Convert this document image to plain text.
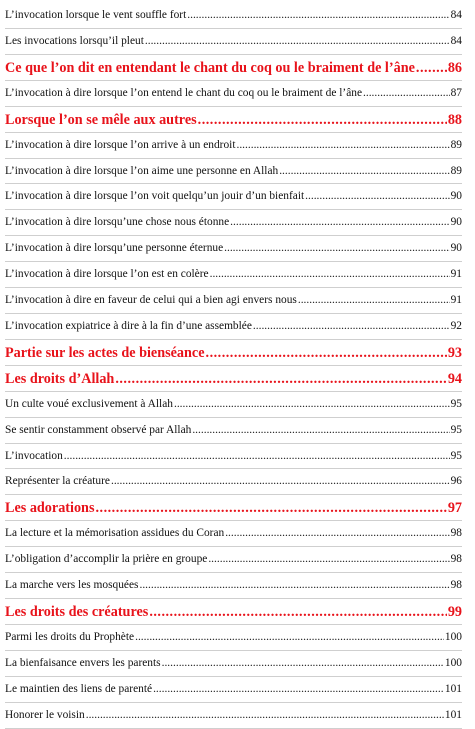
L’invocation lorsque le vent souffle fort .....	84
Les invocations lorsqu’il pleut .....	84
Ce que l’on dit en entendant le chant du coq ou le braiment de l’âne ..... 86
L’invocation à dire lorsque l’on entend le chant du coq ou le braiment de l’âne .....	87
Lorsque l’on se mêle aux autres .....	88
L’invocation à dire lorsque l’on arrive à un endroit .....	89
L’invocation à dire lorsque l’on aime une personne en Allah .....	89
L’invocation à dire lorsque l’on voit quelqu’un jouir d’un bienfait .....	90
L’invocation à dire lorsqu’une chose nous étonne .....	90
L’invocation à dire lorsqu’une personne éternue .....	90
L’invocation à dire lorsque l’on est en colère .....	91
L’invocation à dire en faveur de celui qui a bien agi envers nous .....	91
L’invocation expiatrice à dire à la fin d’une assemblée .....	92
Partie sur les actes de bienséance .....	93
Les droits d’Allah .....	94
Un culte voué exclusivement à Allah .....	95
Se sentir constamment observé par Allah .....	95
L’invocation .....	95
Représenter la créature .....	96
Les adorations .....	97
La lecture et la mémorisation assidues du Coran .....	98
L’obligation d’accomplir la prière en groupe .....	98
La marche vers les mosquées .....	98
Les droits des créatures .....	99
Parmi les droits du Prophète .....	100
La bienfaisance envers les parents .....	100
Le maintien des liens de parenté .....	101
Honorer le voisin .....	101
